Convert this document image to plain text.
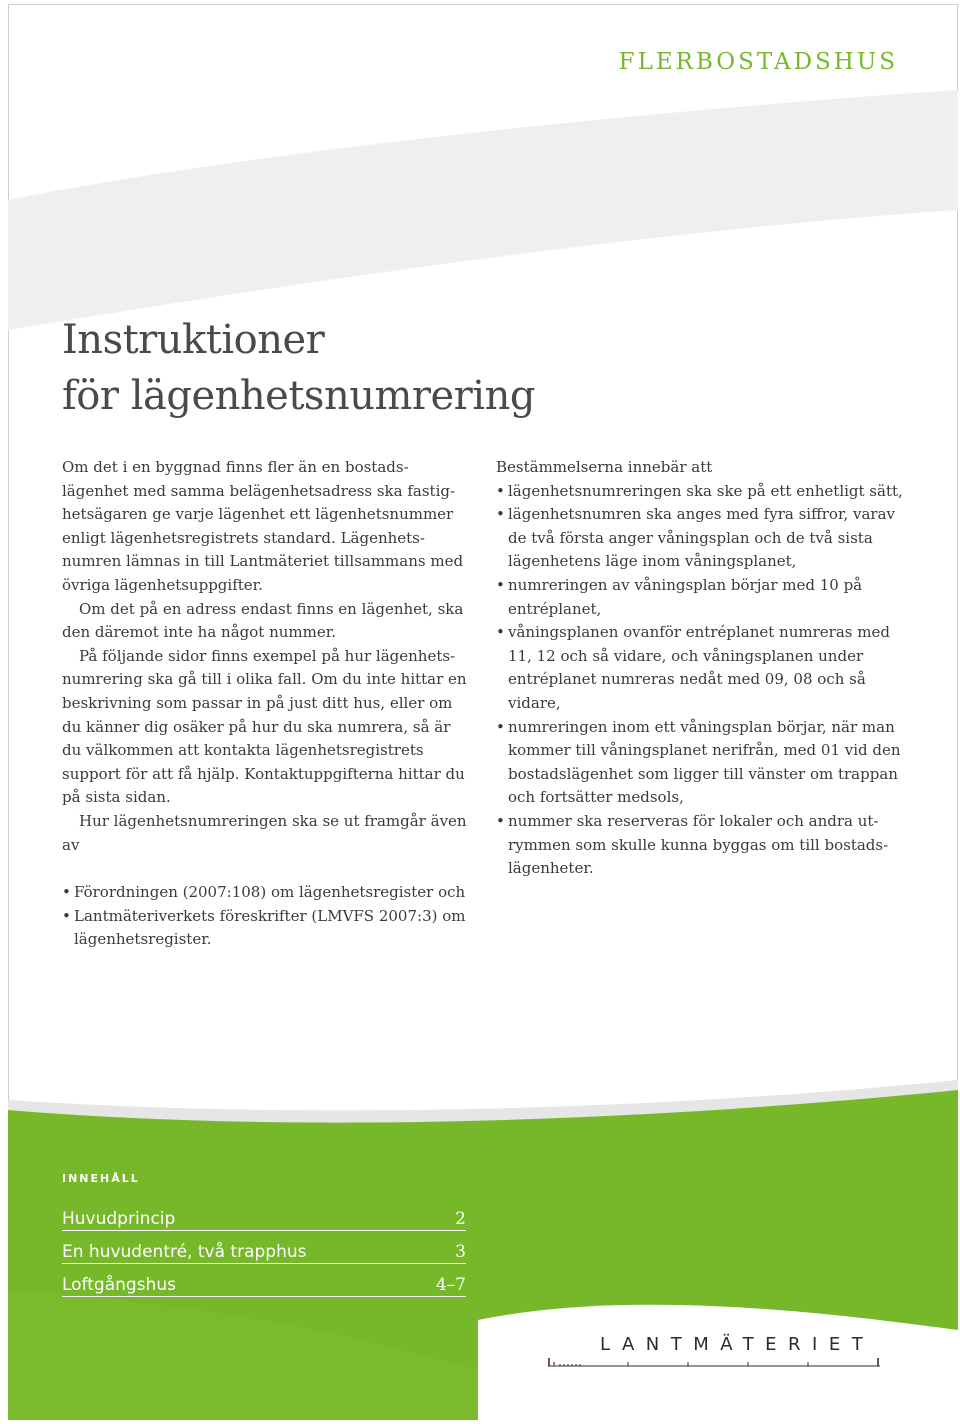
flerbostadshus
Instruktioner
för lägenhetsnumrering

Om det i en byggnad finns fler än en bostadslägenhet med samma belägenhetsadress ska fastighetsägaren ge varje lägenhet ett lägenhetsnummer enligt lägenhetsregistrets standard. Lägenhetsnumren lämnas in till Lantmäteriet tillsammans med övriga lägenhetsuppgifter.

Om det på en adress endast finns en lägenhet, ska den däremot inte ha något nummer.

På följande sidor finns exempel på hur lägenhetsnumrering ska gå till i olika fall. Om du inte hittar en beskrivning som passar in på just ditt hus, eller om du känner dig osäker på hur du ska numrera, så är du välkommen att kontakta lägenhetsregistrets support för att få hjälp. Kontaktuppgifterna hittar du på sista sidan.

Hur lägenhetsnumreringen ska se ut framgår även av

• Förordningen (2007:108) om lägenhetsregister och
• Lantmäteriverkets föreskrifter (LMVFS 2007:3) om lägenhetsregister.

Bestämmelserna innebär att

• lägenhetsnumreringen ska ske på ett enhetligt sätt,
• lägenhetsnumren ska anges med fyra siffror, varav de två första anger våningsplan och de två sista lägenhetens läge inom våningsplanet,
• numreringen av våningsplan börjar med 10 på entréplanet,
• våningsplanen ovanför entréplanet numreras med 11, 12 och så vidare, och våningsplanen under entréplanet numreras nedåt med 09, 08 och så vidare,
• numreringen inom ett våningsplan börjar, när man kommer till våningsplanet nerifrån, med 01 vid den bostadslägenhet som ligger till vänster om trappan och fortsätter medsols,
• nummer ska reserveras för lokaler och andra utrymmen som skulle kunna byggas om till bostadslägenheter.
innehåll
Huvudprincip	2
En huvudentré, två trapphus	3
Loftgångshus	4–7
LANTMÄTERIET
